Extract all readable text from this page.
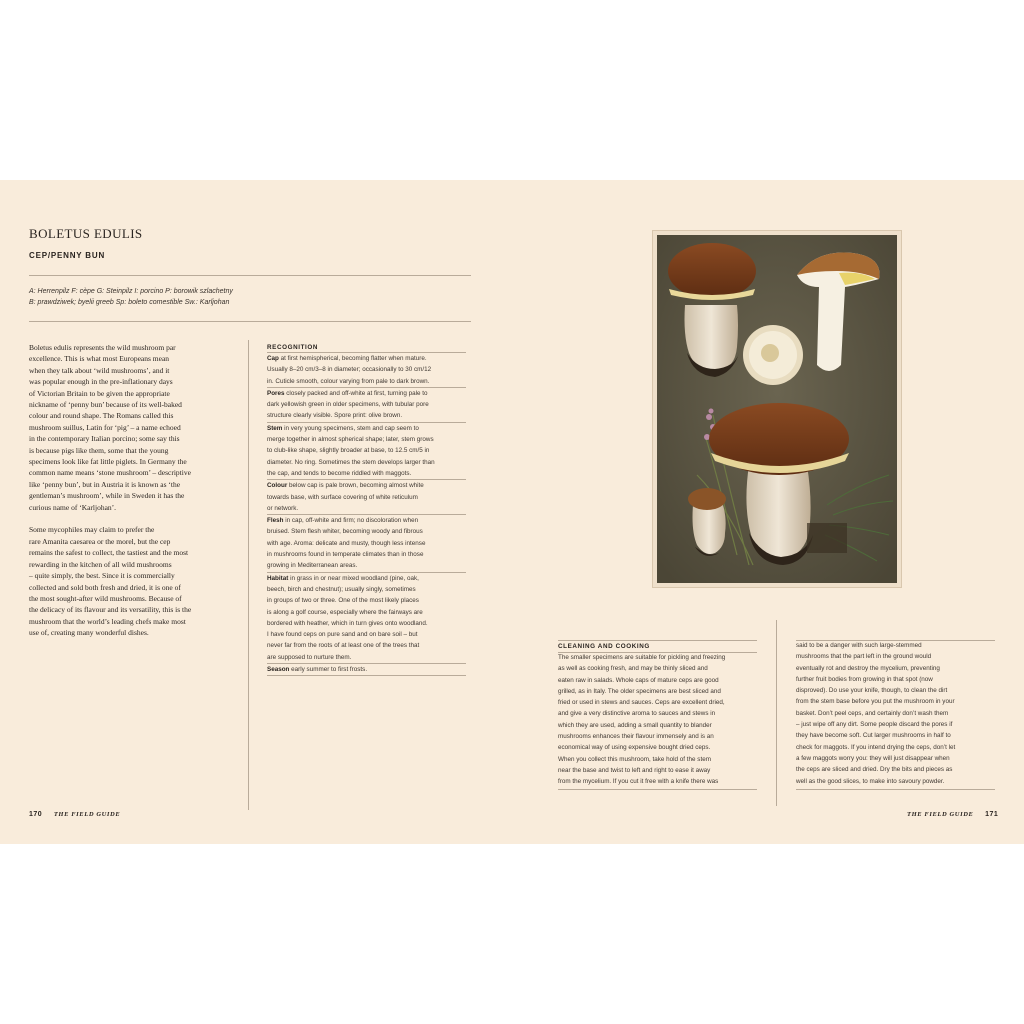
BOLETUS EDULIS
CEP/PENNY BUN
A: Herrenpilz F: cèpe G: Steinpilz I: porcino P: borowik szlachetny
B: prawdziwek; byelii greeb Sp: boleto comestible Sw.: Karljohan

Boletus edulis represents the wild mushroom par
excellence. This is what most Europeans mean
when they talk about ‘wild mushrooms’, and it
was popular enough in the pre-inflationary days
of Victorian Britain to be given the appropriate
nickname of ‘penny bun’ because of its well-baked
colour and round shape. The Romans called this
mushroom suillus, Latin for ‘pig’ – a name echoed
in the contemporary Italian porcino; some say this
is because pigs like them, some that the young
specimens look like fat little piglets. In Germany the
common name means ‘stone mushroom’ – descriptive
like ‘penny bun’, but in Austria it is known as ‘the
gentleman’s mushroom’, while in Sweden it has the
curious name of ‘Karljohan’.

Some mycophiles may claim to prefer the
rare Amanita caesarea or the morel, but the cep
remains the safest to collect, the tastiest and the most
rewarding in the kitchen of all wild mushrooms
– quite simply, the best. Since it is commercially
collected and sold both fresh and dried, it is one of
the most sought-after wild mushrooms. Because of
the delicacy of its flavour and its versatility, this is the
mushroom that the world’s leading chefs make most
use of, creating many wonderful dishes.

RECOGNITION
Cap at first hemispherical, becoming flatter when mature.
Usually 8–20 cm/3–8 in diameter; occasionally to 30 cm/12
in. Cuticle smooth, colour varying from pale to dark brown.
Pores closely packed and off-white at first, turning pale to
dark yellowish green in older specimens, with tubular pore
structure clearly visible. Spore print: olive brown.
Stem in very young specimens, stem and cap seem to
merge together in almost spherical shape; later, stem grows
to club-like shape, slightly broader at base, to 12.5 cm/5 in
diameter. No ring. Sometimes the stem develops larger than
the cap, and tends to become riddled with maggots.
Colour below cap is pale brown, becoming almost white
towards base, with surface covering of white reticulum
or network.
Flesh in cap, off-white and firm; no discoloration when
bruised. Stem flesh whiter, becoming woody and fibrous
with age. Aroma: delicate and musty, though less intense
in mushrooms found in temperate climates than in those
growing in Mediterranean areas.
Habitat in grass in or near mixed woodland (pine, oak,
beech, birch and chestnut); usually singly, sometimes
in groups of two or three. One of the most likely places
is along a golf course, especially where the fairways are
bordered with heather, which in turn gives onto woodland.
I have found ceps on pure sand and on bare soil – but
never far from the roots of at least one of the trees that
are supposed to nurture them.
Season early summer to first frosts.
170 THE FIELD GUIDE
CLEANING AND COOKING
The smaller specimens are suitable for pickling and freezing
as well as cooking fresh, and may be thinly sliced and
eaten raw in salads. Whole caps of mature ceps are good
grilled, as in Italy. The older specimens are best sliced and
fried or used in stews and sauces. Ceps are excellent dried,
and give a very distinctive aroma to sauces and stews in
which they are used, adding a small quantity to blander
mushrooms enhances their flavour immensely and is an
economical way of using expensive bought dried ceps.
When you collect this mushroom, take hold of the stem
near the base and twist to left and right to ease it away
from the mycelium. If you cut it free with a knife there was
said to be a danger with such large-stemmed
mushrooms that the part left in the ground would
eventually rot and destroy the mycelium, preventing
further fruit bodies from growing in that spot (now
disproved). Do use your knife, though, to clean the dirt
from the stem base before you put the mushroom in your
basket. Don’t peel ceps, and certainly don’t wash them
– just wipe off any dirt. Some people discard the pores if
they have become soft. Cut larger mushrooms in half to
check for maggots. If you intend drying the ceps, don’t let
a few maggots worry you: they will just disappear when
the ceps are sliced and dried. Dry the bits and pieces as
well as the good slices, to make into savoury powder.
THE FIELD GUIDE 171
